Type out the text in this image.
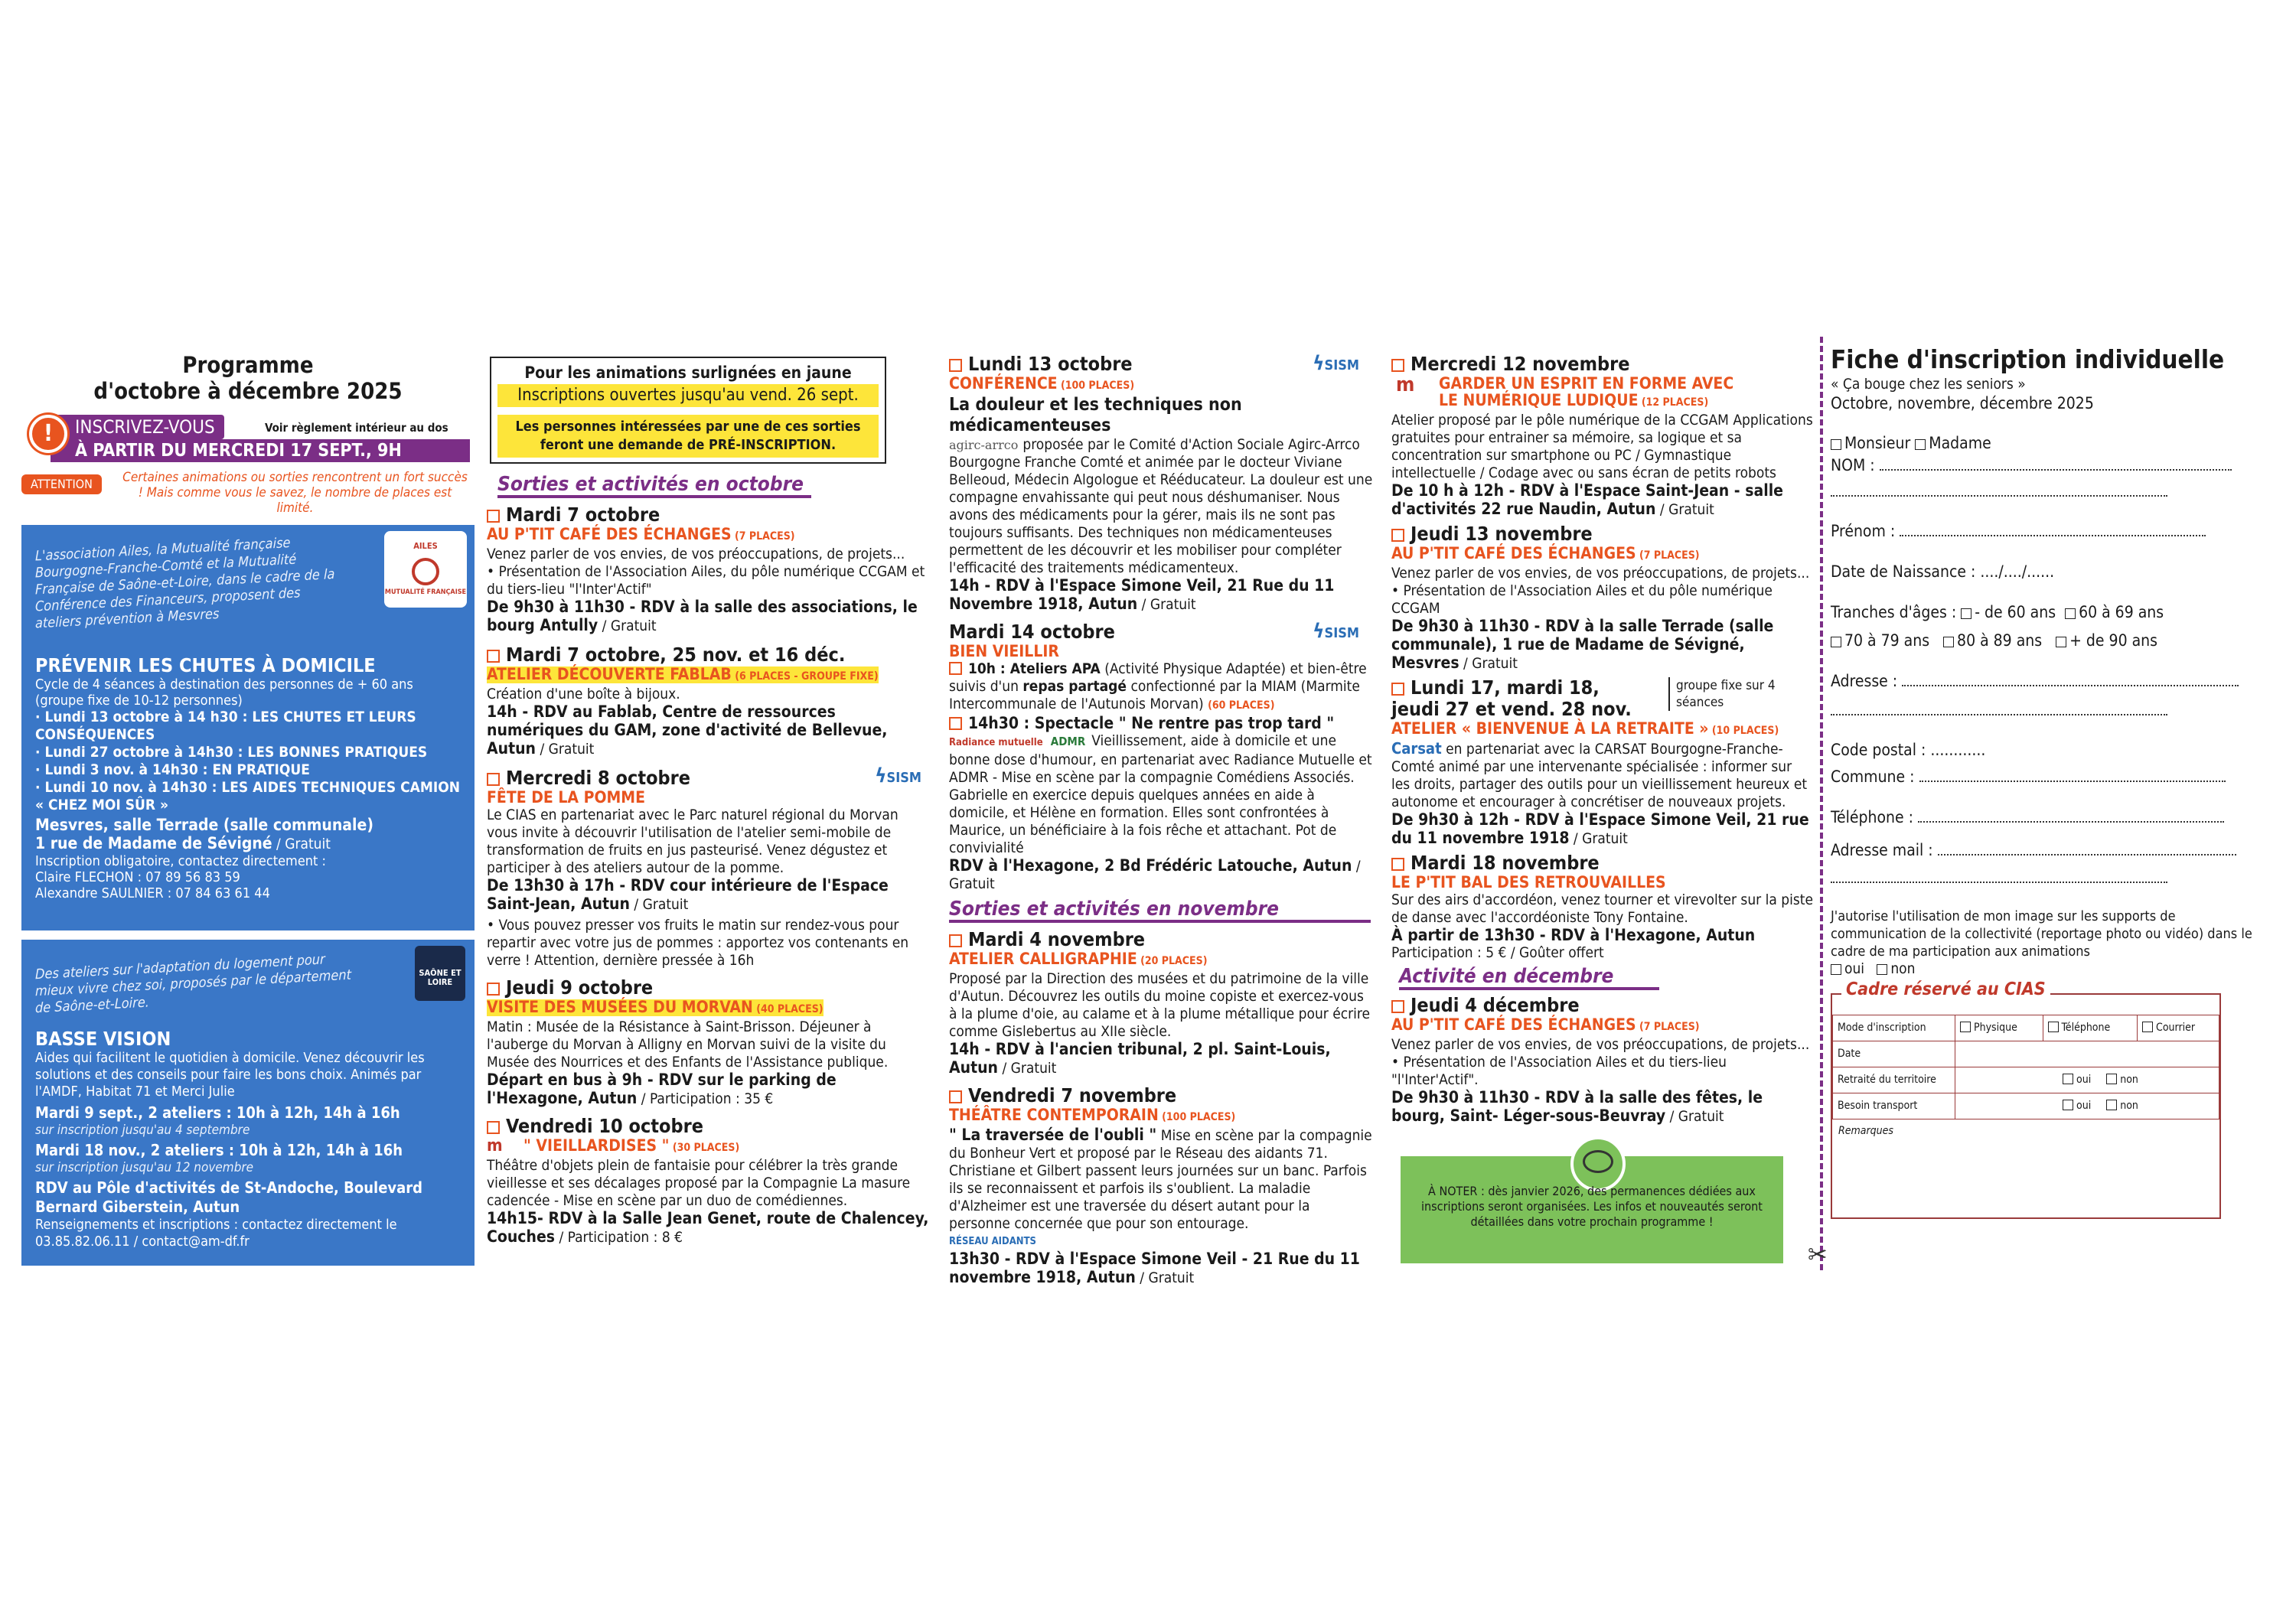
Programme
d'octobre à décembre 2025
!	INSCRIVEZ-VOUS	Voir règlement intérieur au dos
À PARTIR DU MERCREDI 17 SEPT., 9H
ATTENTION	Certaines animations ou sorties rencontrent un fort succès ! Mais comme vous le savez, le nombre de places est limité.
L'association Ailes, la Mutualité française Bourgogne-Franche-Comté et la Mutualité Française de Saône-et-Loire, dans le cadre de la Conférence des Financeurs, proposent des ateliers prévention à Mesvres
AILES
MUTUALITÉ FRANÇAISE
PRÉVENIR LES CHUTES À DOMICILE
Cycle de 4 séances à destination des personnes de + 60 ans (groupe fixe de 10-12 personnes)
· Lundi 13 octobre à 14 h30 : LES CHUTES ET LEURS CONSÉQUENCES
· Lundi 27 octobre à 14h30 : LES BONNES PRATIQUES
· Lundi 3 nov. à 14h30 : EN PRATIQUE
· Lundi 10 nov. à 14h30 : LES AIDES TECHNIQUES CAMION « CHEZ MOI SÛR »
Mesvres, salle Terrade (salle communale)
1 rue de Madame de Sévigné / Gratuit
Inscription obligatoire, contactez directement :
Claire FLECHON : 07 89 56 83 59
Alexandre SAULNIER : 07 84 63 61 44
Des ateliers sur l'adaptation du logement pour mieux vivre chez soi, proposés par le département de Saône-et-Loire.
SAÔNE ET LOIRE
BASSE VISION
Aides qui facilitent le quotidien à domicile. Venez découvrir les solutions et des conseils pour faire les bons choix. Animés par l'AMDF, Habitat 71 et Merci Julie
Mardi 9 sept., 2 ateliers : 10h à 12h, 14h à 16h
sur inscription jusqu'au 4 septembre
Mardi 18 nov., 2 ateliers : 10h à 12h, 14h à 16h
sur inscription jusqu'au 12 novembre
RDV au Pôle d'activités de St-Andoche, Boulevard Bernard Giberstein, Autun
Renseignements et inscriptions : contactez directement le 03.85.82.06.11 / contact@am-df.fr
Pour les animations surlignées en jaune
Inscriptions ouvertes jusqu'au vend. 26 sept.
Les personnes intéressées par une de ces sorties feront une demande de PRÉ-INSCRIPTION.
Sorties et activités en octobre
Mardi 7 octobre
AU P'TIT CAFÉ DES ÉCHANGES (7 PLACES)
Venez parler de vos envies, de vos préoccupations, de projets...
• Présentation de l'Association Ailes, du pôle numérique CCGAM et du tiers-lieu "l'Inter'Actif"
De 9h30 à 11h30 - RDV à la salle des associations, le bourg Antully / Gratuit
Mardi 7 octobre, 25 nov. et 16 déc.
ATELIER DÉCOUVERTE FABLAB (6 PLACES - GROUPE FIXE)
Création d'une boîte à bijoux.
14h - RDV au Fablab, Centre de ressources numériques du GAM, zone d'activité de Bellevue, Autun / Gratuit
Mercredi 8 octobre	ϟSISM
FÊTE DE LA POMME
Le CIAS en partenariat avec le Parc naturel régional du Morvan vous invite à découvrir l'utilisation de l'atelier semi-mobile de transformation de fruits en jus pasteurisé. Venez dégustez et participer à des ateliers autour de la pomme.
De 13h30 à 17h - RDV cour intérieure de l'Espace Saint-Jean, Autun / Gratuit
• Vous pouvez presser vos fruits le matin sur rendez-vous pour repartir avec votre jus de pommes : apportez vos contenants en verre ! Attention, dernière pressée à 16h
Jeudi 9 octobre
VISITE DES MUSÉES DU MORVAN (40 PLACES)
Matin : Musée de la Résistance à Saint-Brisson. Déjeuner à l'auberge du Morvan à Alligny en Morvan suivi de la visite du Musée des Nourrices et des Enfants de l'Assistance publique.
Départ en bus à 9h - RDV sur le parking de l'Hexagone, Autun / Participation : 35 €
Vendredi 10 octobre
m " VIEILLARDISES " (30 PLACES)
Théâtre d'objets plein de fantaisie pour célébrer la très grande vieillesse et ses décalages proposé par la Compagnie La masure cadencée - Mise en scène par un duo de comédiennes.
14h15- RDV à la Salle Jean Genet, route de Chalencey, Couches / Participation : 8 €
Lundi 13 octobre	ϟSISM
CONFÉRENCE (100 PLACES)
La douleur et les techniques non médicamenteuses
agirc-arrco proposée par le Comité d'Action Sociale Agirc-Arrco Bourgogne Franche Comté et animée par le docteur Viviane Belleoud, Médecin Algologue et Rééducateur. La douleur est une compagne envahissante qui peut nous déshumaniser. Nous avons des médicaments pour la gérer, mais ils ne sont pas toujours suffisants. Des techniques non médicamenteuses permettent de les découvrir et les mobiliser pour compléter l'efficacité des traitements médicamenteux.
14h - RDV à l'Espace Simone Veil, 21 Rue du 11 Novembre 1918, Autun / Gratuit
Mardi 14 octobre	ϟSISM
BIEN VIEILLIR
10h : Ateliers APA (Activité Physique Adaptée) et bien-être suivis d'un repas partagé confectionné par la MIAM (Marmite Intercommunale de l'Autunois Morvan) (60 PLACES)
14h30 : Spectacle " Ne rentre pas trop tard "
Radiance mutuelle ADMR Vieillissement, aide à domicile et une bonne dose d'humour, en partenariat avec Radiance Mutuelle et ADMR - Mise en scène par la compagnie Comédiens Associés. Gabrielle en exercice depuis quelques années en aide à domicile, et Hélène en formation. Elles sont confrontées à Maurice, un bénéficiaire à la fois rêche et attachant. Pot de convivialité
RDV à l'Hexagone, 2 Bd Frédéric Latouche, Autun / Gratuit
Sorties et activités en novembre
Mardi 4 novembre
ATELIER CALLIGRAPHIE (20 PLACES)
Proposé par la Direction des musées et du patrimoine de la ville d'Autun. Découvrez les outils du moine copiste et exercez-vous à la plume d'oie, au calame et à la plume métallique pour écrire comme Gislebertus au XIIe siècle.
14h - RDV à l'ancien tribunal, 2 pl. Saint-Louis, Autun / Gratuit
Vendredi 7 novembre
THÉÂTRE CONTEMPORAIN (100 PLACES)
" La traversée de l'oubli " Mise en scène par la compagnie du Bonheur Vert et proposé par le Réseau des aidants 71. Christiane et Gilbert passent leurs journées sur un banc. Parfois ils se reconnaissent et parfois ils s'oublient. La maladie d'Alzheimer est une traversée du désert autant pour la personne concernée que pour son entourage.
RÉSEAU AIDANTS
13h30 - RDV à l'Espace Simone Veil - 21 Rue du 11 novembre 1918, Autun / Gratuit
Mercredi 12 novembre
m GARDER UN ESPRIT EN FORME AVEC
LE NUMÉRIQUE LUDIQUE (12 PLACES)
Atelier proposé par le pôle numérique de la CCGAM Applications gratuites pour entrainer sa mémoire, sa logique et sa concentration sur smartphone ou PC / Gymnastique intellectuelle / Codage avec ou sans écran de petits robots
De 10 h à 12h - RDV à l'Espace Saint-Jean - salle d'activités 22 rue Naudin, Autun / Gratuit
Jeudi 13 novembre
AU P'TIT CAFÉ DES ÉCHANGES (7 PLACES)
Venez parler de vos envies, de vos préoccupations, de projets...
• Présentation de l'Association Ailes et du pôle numérique CCGAM
De 9h30 à 11h30 - RDV à la salle Terrade (salle communale), 1 rue de Madame de Sévigné, Mesvres / Gratuit
Lundi 17, mardi 18,
jeudi 27 et vend. 28 nov.
groupe fixe sur 4 séances
ATELIER « BIENVENUE À LA RETRAITE » (10 PLACES)
Carsat en partenariat avec la CARSAT Bourgogne-Franche-Comté animé par une intervenante spécialisée : informer sur les droits, partager des outils pour un vieillissement heureux et autonome et encourager à concrétiser de nouveaux projets.
De 9h30 à 12h - RDV à l'Espace Simone Veil, 21 rue du 11 novembre 1918 / Gratuit
Mardi 18 novembre
LE P'TIT BAL DES RETROUVAILLES
Sur des airs d'accordéon, venez tourner et virevolter sur la piste de danse avec l'accordéoniste Tony Fontaine.
À partir de 13h30 - RDV à l'Hexagone, Autun
Participation : 5 € / Goûter offert
Activité en décembre
Jeudi 4 décembre
AU P'TIT CAFÉ DES ÉCHANGES (7 PLACES)
Venez parler de vos envies, de vos préoccupations, de projets...
• Présentation de l'Association Ailes et du tiers-lieu "l'Inter'Actif".
De 9h30 à 11h30 - RDV à la salle des fêtes, le bourg, Saint- Léger-sous-Beuvray / Gratuit
À NOTER : dès janvier 2026, des permanences dédiées aux inscriptions seront organisées. Les infos et nouveautés seront détaillées dans votre prochain programme !
✂
Fiche d'inscription individuelle
« Ça bouge chez les seniors »
Octobre, novembre, décembre 2025
Monsieur Madame
NOM :
Prénom :
Date de Naissance : ..../..../......
Tranches d'âges : - de 60 ans 60 à 69 ans
70 à 79 ans 80 à 89 ans + de 90 ans
Adresse :
Code postal : ............
Commune :
Téléphone :
Adresse mail :
J'autorise l'utilisation de mon image sur les supports de communication de la collectivité (reportage photo ou vidéo) dans le cadre de ma participation aux animations
oui non
Cadre réservé au CIAS
Mode d'inscription	Physique	Téléphone	Courrier
Date			
Retraité du territoire	oui non		
Besoin transport	oui non		
Remarques
